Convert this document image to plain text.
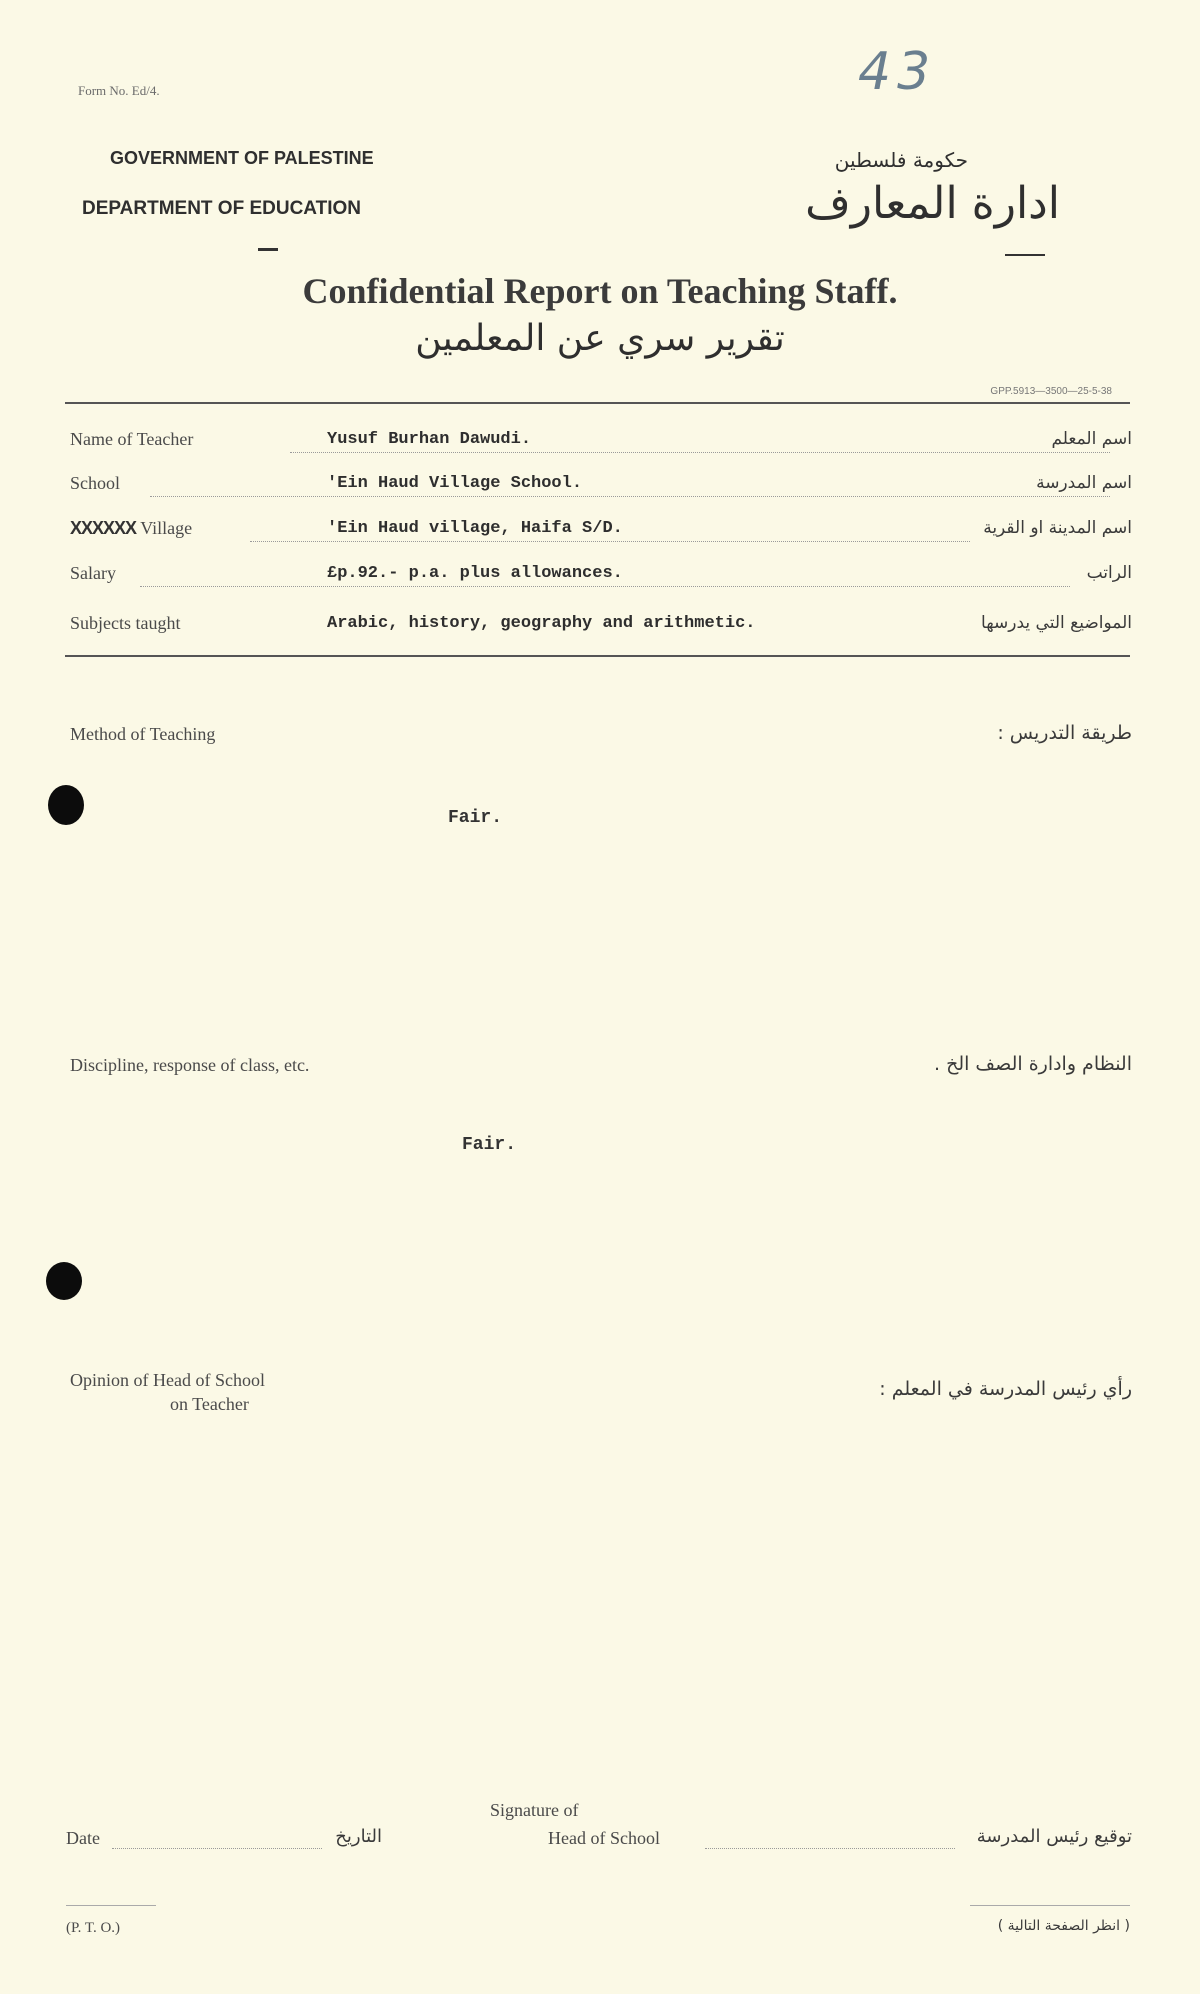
Form No. Ed/4.	43
GOVERNMENT OF PALESTINE
DEPARTMENT OF EDUCATION
حكومة فلسطين
ادارة المعارف
Confidential Report on Teaching Staff.
تقرير سري عن المعلمين
GPP.5913—3500—25-5-38
Name of Teacher	Yusuf Burhan Dawudi.	اسم المعلم
School	'Ein Haud Village School.	اسم المدرسة
XXXXXX Village	'Ein Haud village, Haifa S/D.	اسم المدينة او القرية
Salary	£p.92.- p.a. plus allowances.	الراتب
Subjects taught	Arabic, history, geography and arithmetic.	المواضيع التي يدرسها
Method of Teaching	طريقة التدريس :
Fair.
Discipline, response of class, etc.	النظام وادارة الصف الخ .
Fair.
Opinion of Head of School
on Teacher
رأي رئيس المدرسة في المعلم :
Date	التاريخ
Signature of
Head of School	توقيع رئيس المدرسة
(P. T. O.)	( انظر الصفحة التالية )
